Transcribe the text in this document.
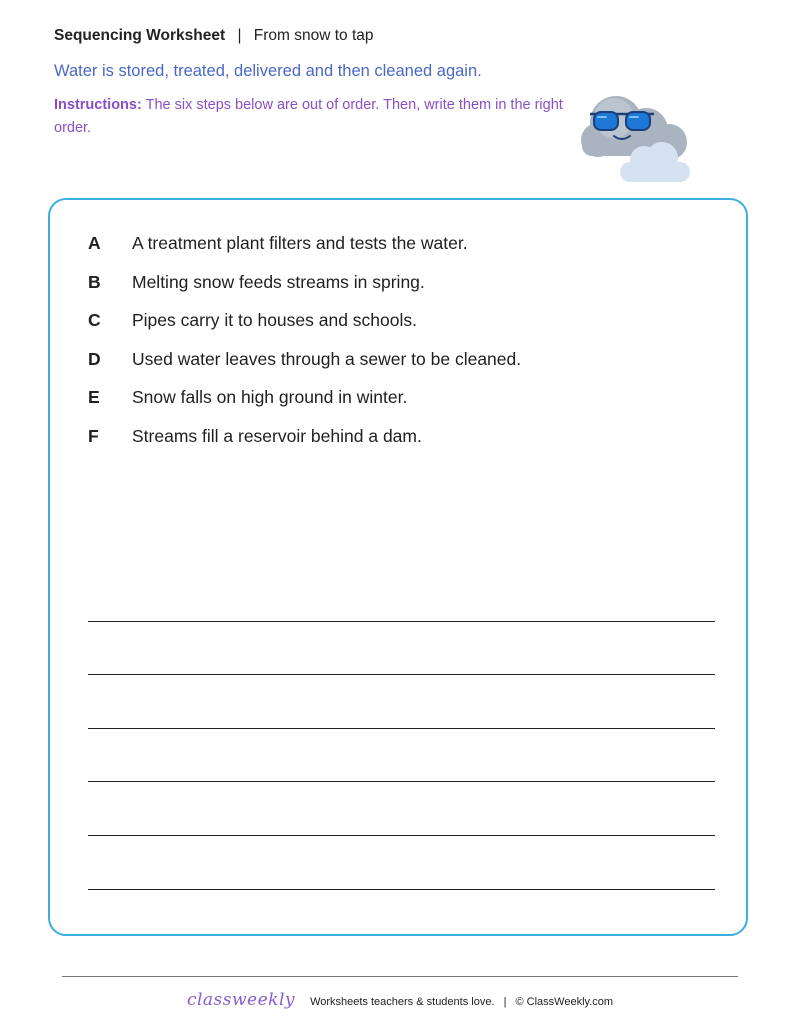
Sequencing Worksheet | From snow to tap
Water is stored, treated, delivered and then cleaned again.
Instructions: The six steps below are out of order. Then, write them in the right order.
A	A treatment plant filters and tests the water.
B	Melting snow feeds streams in spring.
C	Pipes carry it to houses and schools.
D	Used water leaves through a sewer to be cleaned.
E	Snow falls on high ground in winter.
F	Streams fill a reservoir behind a dam.
classweekly Worksheets teachers & students love. | © ClassWeekly.com
